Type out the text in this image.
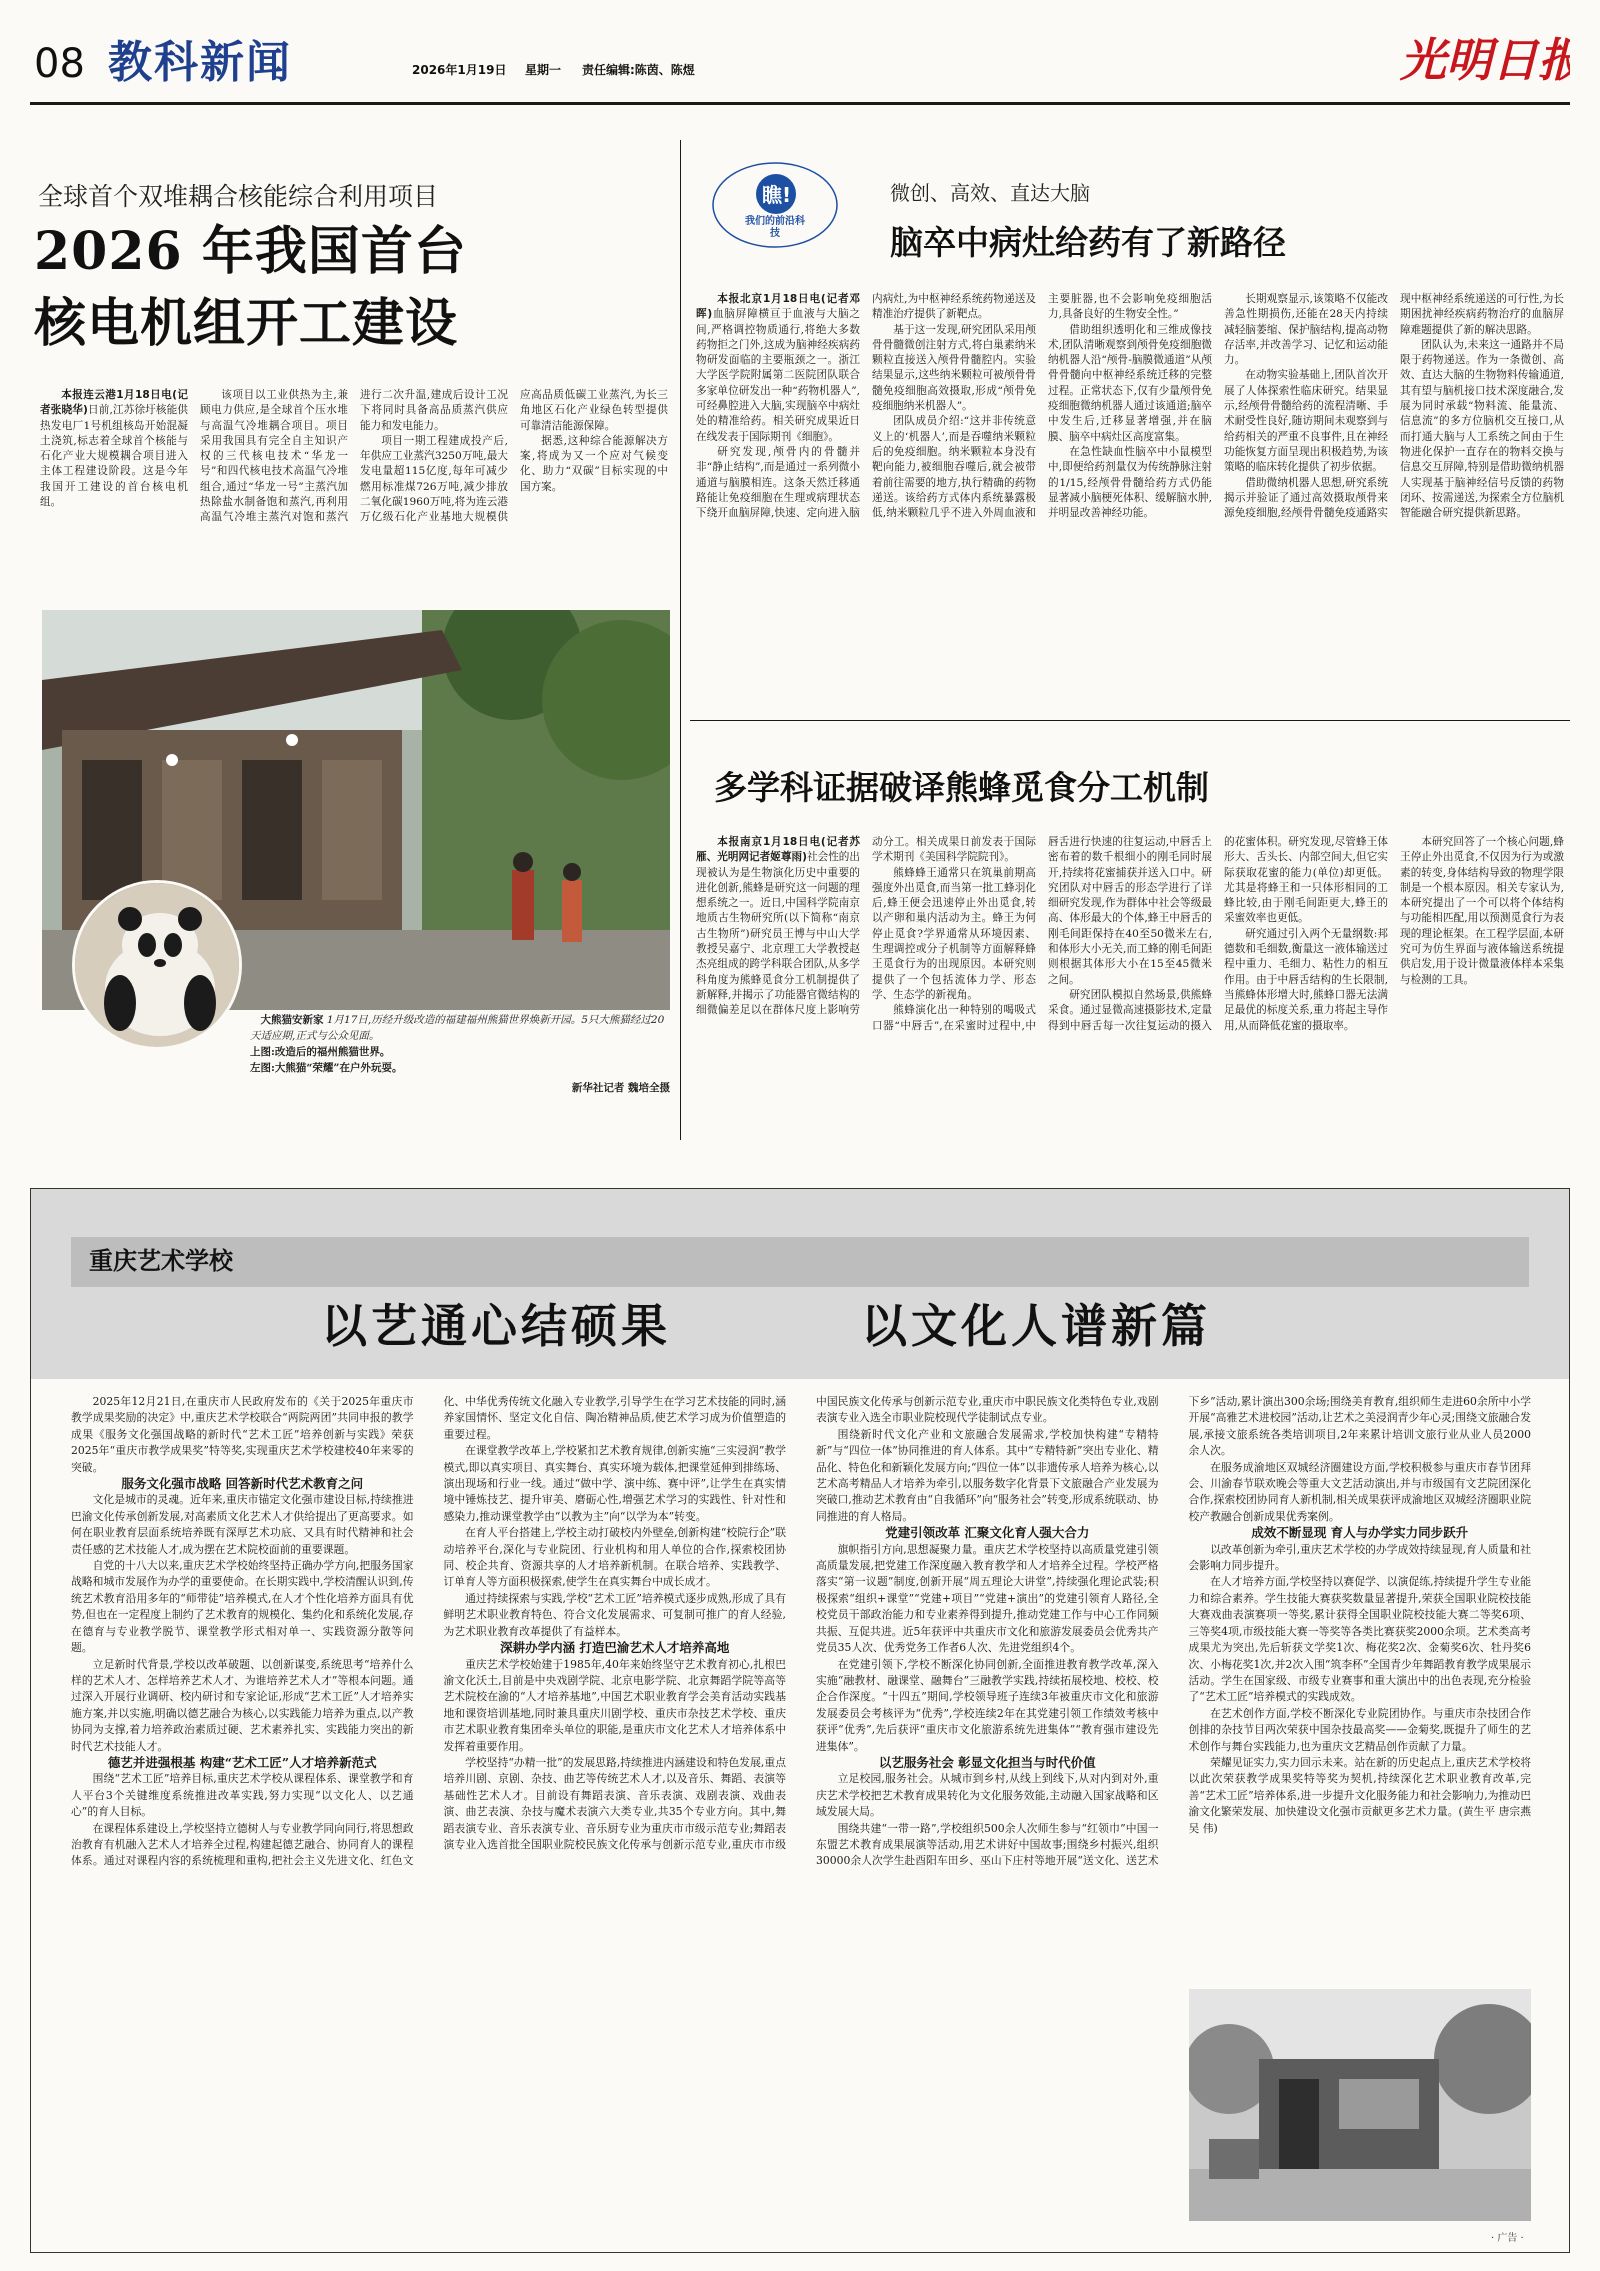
08 教科新闻	2026年1月19日 星期一 责任编辑:陈茵、陈煜	光明日报
全球首个双堆耦合核能综合利用项目
2026 年我国首台
核电机组开工建设

本报连云港1月18日电(记者张晓华)日前,江苏徐圩核能供热发电厂1号机组核岛开始混凝土浇筑,标志着全球首个核能与石化产业大规模耦合项目进入主体工程建设阶段。这是今年我国开工建设的首台核电机组。

该项目以工业供热为主,兼顾电力供应,是全球首个压水堆与高温气冷堆耦合项目。项目采用我国具有完全自主知识产权的三代核电技术“华龙一号”和四代核电技术高温气冷堆组合,通过“华龙一号”主蒸汽加热除盐水制备饱和蒸汽,再利用高温气冷堆主蒸汽对饱和蒸汽进行二次升温,建成后设计工况下将同时具备高品质蒸汽供应能力和发电能力。

项目一期工程建成投产后,年供应工业蒸汽3250万吨,最大发电量超115亿度,每年可减少燃用标准煤726万吨,减少排放二氧化碳1960万吨,将为连云港万亿级石化产业基地大规模供应高品质低碳工业蒸汽,为长三角地区石化产业绿色转型提供可靠清洁能源保障。

据悉,这种综合能源解决方案,将成为又一个应对气候变化、助力“双碳”目标实现的中国方案。

大熊猫安新家 1月17日,历经升级改造的福建福州熊猫世界焕新开园。5只大熊猫经过20天适应期,正式与公众见面。
上图:改造后的福州熊猫世界。
左图:大熊猫“荣耀”在户外玩耍。
新华社记者 魏培全摄
瞧!
我们的前沿科技
微创、高效、直达大脑
脑卒中病灶给药有了新路径

本报北京1月18日电(记者邓晖)血脑屏障横亘于血液与大脑之间,严格调控物质通行,将绝大多数药物拒之门外,这成为脑神经疾病药物研发面临的主要瓶颈之一。浙江大学医学院附属第二医院团队联合多家单位研发出一种“药物机器人”,可经鼻腔进入大脑,实现脑卒中病灶处的精准给药。相关研究成果近日在线发表于国际期刊《细胞》。

研究发现,颅骨内的骨髓并非“静止结构”,而是通过一系列微小通道与脑膜相连。这条天然迁移通路能让免疫细胞在生理或病理状态下绕开血脑屏障,快速、定向进入脑内病灶,为中枢神经系统药物递送及精准治疗提供了新靶点。

基于这一发现,研究团队采用颅骨骨髓微创注射方式,将白巢素纳米颗粒直接送入颅骨骨髓腔内。实验结果显示,这些纳米颗粒可被颅骨骨髓免疫细胞高效摄取,形成“颅骨免疫细胞纳米机器人”。

团队成员介绍:“这并非传统意义上的‘机器人’,而是吞噬纳米颗粒后的免疫细胞。纳米颗粒本身没有靶向能力,被细胞吞噬后,就会被带着前往需要的地方,执行精确的药物递送。该给药方式体内系统暴露极低,纳米颗粒几乎不进入外周血液和主要脏器,也不会影响免疫细胞活力,具备良好的生物安全性。”

借助组织透明化和三维成像技术,团队清晰观察到颅骨免疫细胞微纳机器人沿“颅骨-脑膜微通道”从颅骨骨髓向中枢神经系统迁移的完整过程。正常状态下,仅有少量颅骨免疫细胞微纳机器人通过该通道;脑卒中发生后,迁移显著增强,并在脑膜、脑卒中病灶区高度富集。

在急性缺血性脑卒中小鼠模型中,即便给药剂量仅为传统静脉注射的1/15,经颅骨骨髓给药方式仍能显著减小脑梗死体积、缓解脑水肿,并明显改善神经功能。

长期观察显示,该策略不仅能改善急性期损伤,还能在28天内持续减轻脑萎缩、保护脑结构,提高动物存活率,并改善学习、记忆和运动能力。

在动物实验基础上,团队首次开展了人体探索性临床研究。结果显示,经颅骨骨髓给药的流程清晰、手术耐受性良好,随访期间未观察到与给药相关的严重不良事件,且在神经功能恢复方面呈现出积极趋势,为该策略的临床转化提供了初步依据。

借助微纳机器人思想,研究系统揭示并验证了通过高效摄取颅骨来源免疫细胞,经颅骨骨髓免疫通路实现中枢神经系统递送的可行性,为长期困扰神经疾病药物治疗的血脑屏障难题提供了新的解决思路。

团队认为,未来这一通路并不局限于药物递送。作为一条微创、高效、直达大脑的生物物料传输通道,其有望与脑机接口技术深度融合,发展为同时承载“物料流、能量流、信息流”的多方位脑机交互接口,从而打通大脑与人工系统之间由于生物进化保护一直存在的物料交换与信息交互屏障,特别是借助微纳机器人实现基于脑神经信号反馈的药物闭环、按需递送,为探索全方位脑机智能融合研究提供新思路。

多学科证据破译熊蜂觅食分工机制

本报南京1月18日电(记者苏雁、光明网记者姬尊雨)社会性的出现被认为是生物演化历史中重要的进化创新,熊蜂是研究这一问题的理想系统之一。近日,中国科学院南京地质古生物研究所(以下简称“南京古生物所”)研究员王博与中山大学教授吴嘉宁、北京理工大学教授赵杰亮组成的跨学科联合团队,从多学科角度为熊蜂觅食分工机制提供了新解释,并揭示了功能器官微结构的细微偏差足以在群体尺度上影响劳动分工。相关成果日前发表于国际学术期刊《美国科学院院刊》。

熊蜂蜂王通常只在筑巢前期高强度外出觅食,而当第一批工蜂羽化后,蜂王便会迅速停止外出觅食,转以产卵和巢内活动为主。蜂王为何停止觅食?学界通常从环境因素、生理调控或分子机制等方面解释蜂王觅食行为的出现原因。本研究则提供了一个包括流体力学、形态学、生态学的新视角。

熊蜂演化出一种特别的喝吸式口器“中唇舌”,在采蜜时过程中,中唇舌进行快速的往复运动,中唇舌上密布着的数千根细小的刚毛同时展开,持续将花蜜捕获并送入口中。研究团队对中唇舌的形态学进行了详细研究发现,作为群体中社会等级最高、体形最大的个体,蜂王中唇舌的刚毛间距保持在40至50微米左右,和体形大小无关,而工蜂的刚毛间距则根据其体形大小在15至45微米之间。

研究团队模拟自然场景,供熊蜂采食。通过显微高速摄影技术,定量得到中唇舌每一次往复运动的摄入的花蜜体积。研究发现,尽管蜂王体形大、舌头长、内部空间大,但它实际获取花蜜的能力(单位)却更低。尤其是将蜂王和一只体形相同的工蜂比较,由于刚毛间距更大,蜂王的采蜜效率也更低。

研究通过引入两个无量纲数:邦德数和毛细数,衡量这一液体输送过程中重力、毛细力、粘性力的相互作用。由于中唇舌结构的生长限制,当熊蜂体形增大时,熊蜂口器无法满足最优的标度关系,重力将起主导作用,从而降低花蜜的摄取率。

本研究回答了一个核心问题,蜂王停止外出觅食,不仅因为行为或激素的转变,身体结构导致的物理学限制是一个根本原因。相关专家认为,本研究提出了一个可以将个体结构与功能相匹配,用以预测觅食行为表现的理论框架。在工程学层面,本研究可为仿生界面与液体输送系统提供启发,用于设计微量液体样本采集与检测的工具。

重庆艺术学校
以艺通心结硕果	以文化人谱新篇

2025年12月21日,在重庆市人民政府发布的《关于2025年重庆市教学成果奖励的决定》中,重庆艺术学校联合“两院两团”共同申报的教学成果《服务文化强国战略的新时代“艺术工匠”培养创新与实践》荣获2025年“重庆市教学成果奖”特等奖,实现重庆艺术学校建校40年来零的突破。

服务文化强市战略 回答新时代艺术教育之问

文化是城市的灵魂。近年来,重庆市锚定文化强市建设目标,持续推进巴渝文化传承创新发展,对高素质文化艺术人才供给提出了更高要求。如何在职业教育层面系统培养既有深厚艺术功底、又具有时代精神和社会责任感的艺术技能人才,成为摆在艺术院校面前的重要课题。

自党的十八大以来,重庆艺术学校始终坚持正确办学方向,把服务国家战略和城市发展作为办学的重要使命。在长期实践中,学校清醒认识到,传统艺术教育沿用多年的“师带徒”培养模式,在人才个性化培养方面具有优势,但也在一定程度上制约了艺术教育的规模化、集约化和系统化发展,存在德育与专业教学脱节、课堂教学形式相对单一、实践资源分散等问题。

立足新时代背景,学校以改革破题、以创新谋变,系统思考“培养什么样的艺术人才、怎样培养艺术人才、为谁培养艺术人才”等根本问题。通过深入开展行业调研、校内研讨和专家论证,形成“艺术工匠”人才培养实施方案,并以实施,明确以德艺融合为核心,以实践能力培养为重点,以产教协同为支撑,着力培养政治素质过硬、艺术素养扎实、实践能力突出的新时代艺术技能人才。

德艺并进强根基 构建“艺术工匠”人才培养新范式

围绕“艺术工匠”培养目标,重庆艺术学校从课程体系、课堂教学和育人平台3个关键维度系统推进改革实践,努力实现“以文化人、以艺通心”的育人目标。

在课程体系建设上,学校坚持立德树人与专业教学同向同行,将思想政治教育有机融入艺术人才培养全过程,构建起德艺融合、协同育人的课程体系。通过对课程内容的系统梳理和重构,把社会主义先进文化、红色文化、中华优秀传统文化融入专业教学,引导学生在学习艺术技能的同时,涵养家国情怀、坚定文化自信、陶冶精神品质,使艺术学习成为价值塑造的重要过程。

在课堂教学改革上,学校紧扣艺术教育规律,创新实施“三实浸润”教学模式,即以真实项目、真实舞台、真实环境为载体,把课堂延伸到排练场、演出现场和行业一线。通过“做中学、演中练、赛中评”,让学生在真实情境中锤炼技艺、提升审美、磨砺心性,增强艺术学习的实践性、针对性和感染力,推动课堂教学由“以教为主”向“以学为本”转变。

在育人平台搭建上,学校主动打破校内外壁垒,创新构建“校院行企”联动培养平台,深化与专业院团、行业机构和用人单位的合作,探索校团协同、校企共育、资源共享的人才培养新机制。在联合培养、实践教学、订单育人等方面积极探索,使学生在真实舞台中成长成才。

通过持续探索与实践,学校“艺术工匠”培养模式逐步成熟,形成了具有鲜明艺术职业教育特色、符合文化发展需求、可复制可推广的育人经验,为艺术职业教育改革提供了有益样本。

深耕办学内涵 打造巴渝艺术人才培养高地

重庆艺术学校始建于1985年,40年来始终坚守艺术教育初心,扎根巴渝文化沃土,目前是中央戏剧学院、北京电影学院、北京舞蹈学院等高等艺术院校在渝的“人才培养基地”,中国艺术职业教育学会美育活动实践基地和课资培训基地,同时兼具重庆川剧学校、重庆市杂技艺术学校、重庆市艺术职业教育集团牵头单位的职能,是重庆市文化艺术人才培养体系中发挥着重要作用。

学校坚持“办精一批”的发展思路,持续推进内涵建设和特色发展,重点培养川剧、京剧、杂技、曲艺等传统艺术人才,以及音乐、舞蹈、表演等基础性艺术人才。目前设有舞蹈表演、音乐表演、戏剧表演、戏曲表演、曲艺表演、杂技与魔术表演六大类专业,共35个专业方向。其中,舞蹈表演专业、音乐表演专业、音乐厨专业为重庆市市级示范专业;舞蹈表演专业入选首批全国职业院校民族文化传承与创新示范专业,重庆市市级中国民族文化传承与创新示范专业,重庆市中职民族文化类特色专业,戏剧表演专业入选全市职业院校现代学徒制试点专业。

围绕新时代文化产业和文旅融合发展需求,学校加快构建“专精特新”与“四位一体”协同推进的育人体系。其中“专精特新”突出专业化、精品化、特色化和新颖化发展方向;“四位一体”以非遗传承人培养为核心,以艺术高考精品人才培养为牵引,以服务数字化背景下文旅融合产业发展为突破口,推动艺术教育由“自我循环”向“服务社会”转变,形成系统联动、协同推进的育人格局。

党建引领改革 汇聚文化育人强大合力

旗帜指引方向,思想凝聚力量。重庆艺术学校坚持以高质量党建引领高质量发展,把党建工作深度融入教育教学和人才培养全过程。学校严格落实“第一议题”制度,创新开展“周五理论大讲堂”,持续强化理论武装;积极探索“组织+课堂”“党建+项目”“党建+演出”的党建引领育人路径,全校党员干部政治能力和专业素养得到提升,推动党建工作与中心工作同频共振、互促共进。近5年获评中共重庆市文化和旅游发展委员会优秀共产党员35人次、优秀党务工作者6人次、先进党组织4个。

在党建引领下,学校不断深化协同创新,全面推进教育教学改革,深入实施“融教材、融课堂、融舞台”三融教学实践,持续拓展校地、校校、校企合作深度。“十四五”期间,学校领导班子连续3年被重庆市文化和旅游发展委员会考核评为“优秀”,学校连续2年在其党建引领工作绩效考核中获评“优秀”,先后获评“重庆市文化旅游系统先进集体”“教育强市建设先进集体”。

以艺服务社会 彰显文化担当与时代价值

立足校园,服务社会。从城市到乡村,从线上到线下,从对内到对外,重庆艺术学校把艺术教育成果转化为文化服务效能,主动融入国家战略和区域发展大局。

围绕共建“一带一路”,学校组织500余人次师生参与“红领巾”中国一东盟艺术教育成果展演等活动,用艺术讲好中国故事;围绕乡村振兴,组织30000余人次学生赴酉阳车田乡、巫山下庄村等地开展“送文化、送艺术下乡”活动,累计演出300余场;围绕美育教育,组织师生走进60余所中小学开展“高雅艺术进校园”活动,让艺术之美浸润青少年心灵;围绕文旅融合发展,承接文旅系统各类培训项目,2年来累计培训文旅行业从业人员2000余人次。

在服务成渝地区双城经济圈建设方面,学校积极参与重庆市春节团拜会、川渝春节联欢晚会等重大文艺活动演出,并与市级国有文艺院团深化合作,探索校团协同育人新机制,相关成果获评成渝地区双城经济圈职业院校产教融合创新成果优秀案例。

成效不断显现 育人与办学实力同步跃升

以改革创新为牵引,重庆艺术学校的办学成效持续显现,育人质量和社会影响力同步提升。

在人才培养方面,学校坚持以赛促学、以演促练,持续提升学生专业能力和综合素养。学生技能大赛获奖数量显著提升,荣获全国职业院校技能大赛戏曲表演赛项一等奖,累计获得全国职业院校技能大赛二等奖6项、三等奖4项,市级技能大赛一等奖等各类比赛获奖2000余项。艺术类高考成果尤为突出,先后斩获文学奖1次、梅花奖2次、金菊奖6次、牡丹奖6次、小梅花奖1次,并2次入围“筑李杯”全国青少年舞蹈教育教学成果展示活动。学生在国家级、市级专业赛事和重大演出中的出色表现,充分检验了“艺术工匠”培养模式的实践成效。

在艺术创作方面,学校不断深化专业院团协作。与重庆市杂技团合作创排的杂技节目两次荣获中国杂技最高奖——金菊奖,既提升了师生的艺术创作与舞台实践能力,也为重庆文艺精品创作贡献了力量。

荣耀见证实力,实力回示未来。站在新的历史起点上,重庆艺术学校将以此次荣获教学成果奖特等奖为契机,持续深化艺术职业教育改革,完善“艺术工匠”培养体系,进一步提升文化服务能力和社会影响力,为推动巴渝文化繁荣发展、加快建设文化强市贡献更多艺术力量。(黄生平 唐宗燕 吴 伟)

· 广告 ·
